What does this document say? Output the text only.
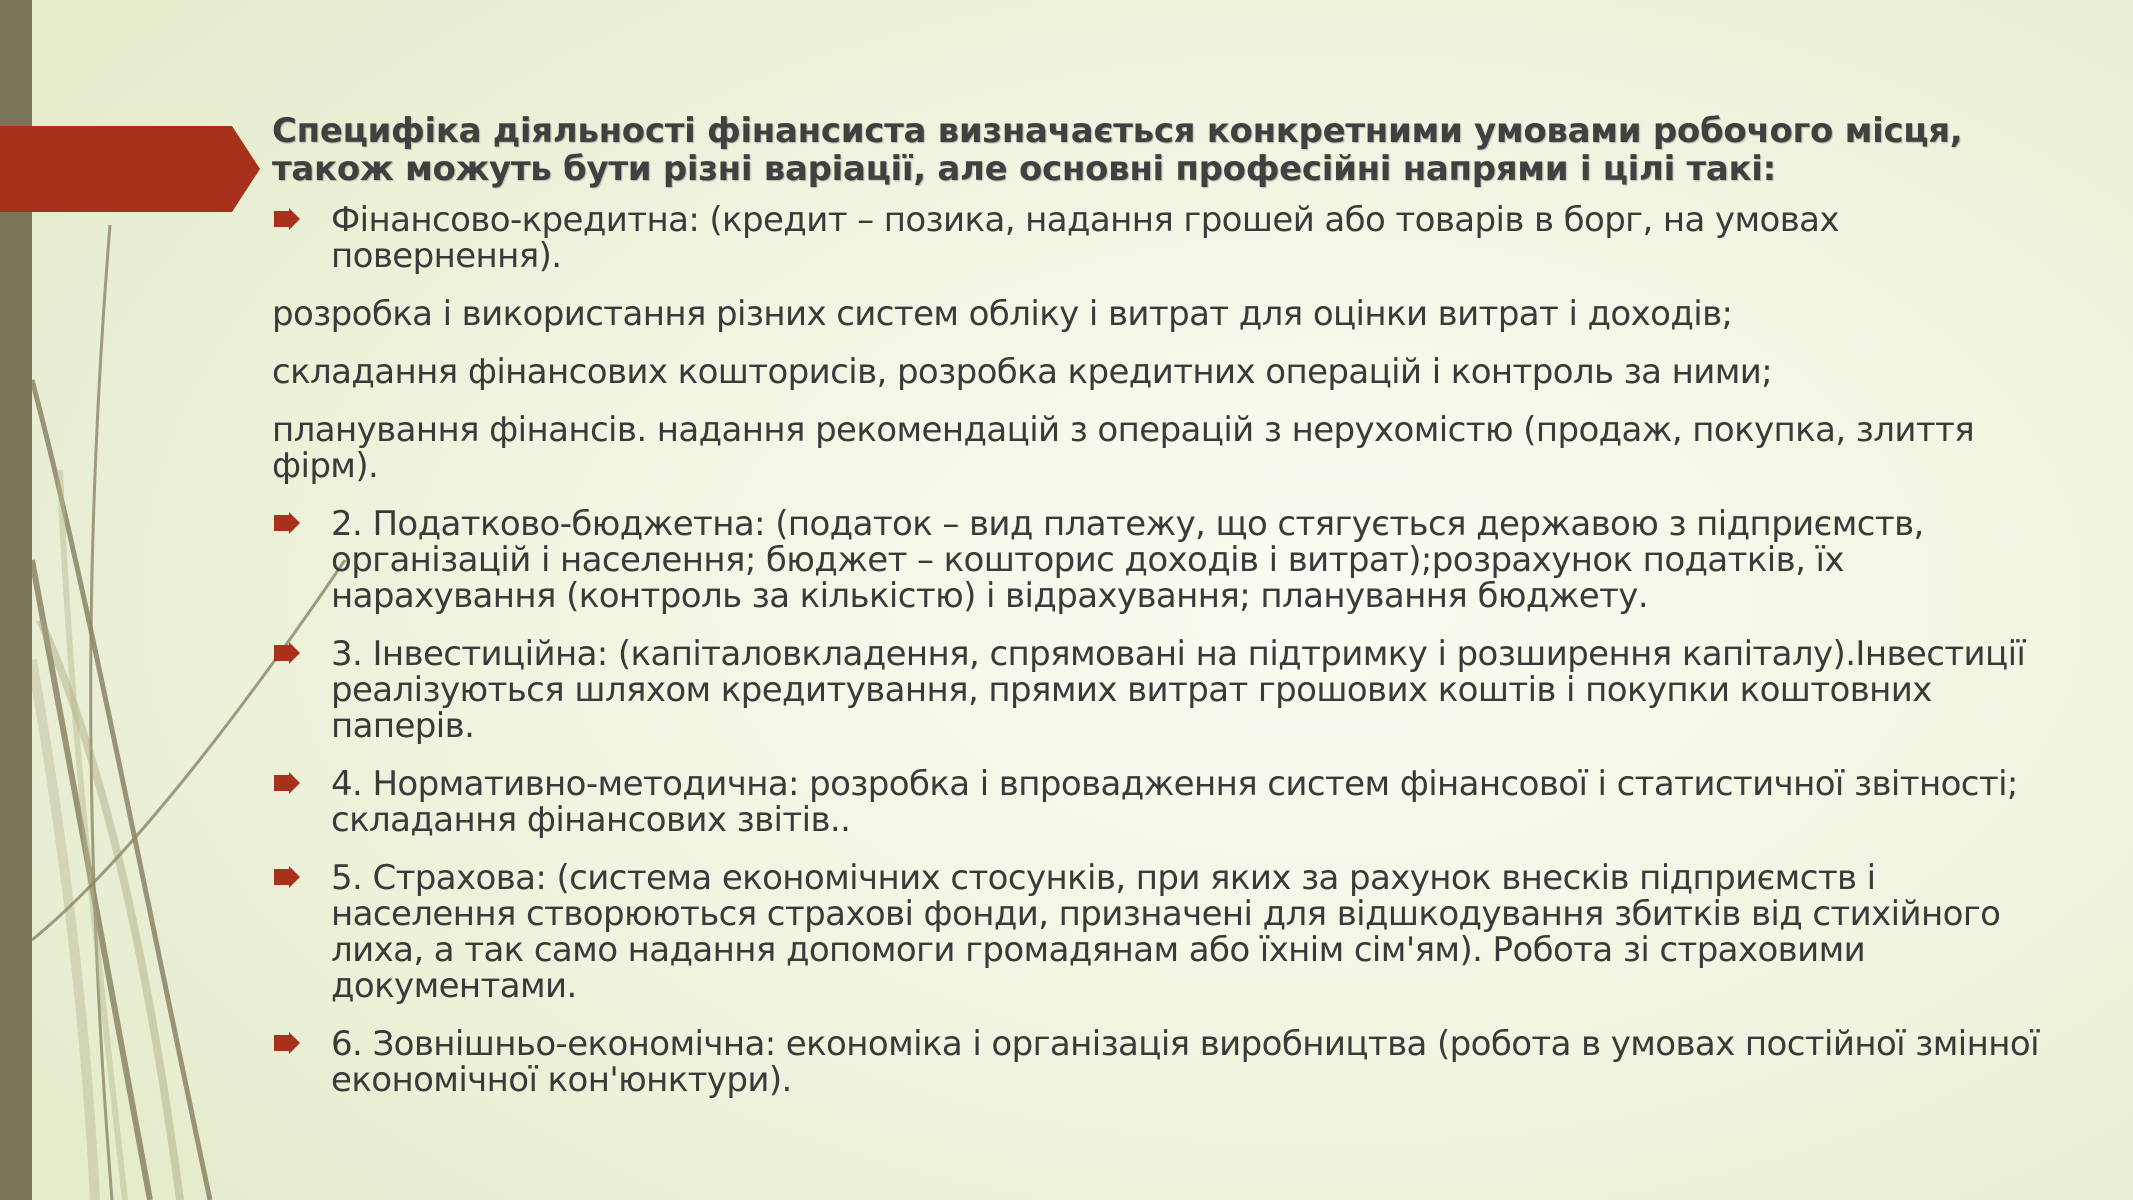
Специфіка діяльності фінансиста визначається конкретними умовами робочого місця, також можуть бути різні варіації, але основні професійні напрями і цілі такі:
Фінансово-кредитна: (кредит – позика, надання грошей або товарів в борг, на умовах повернення).
розробка і використання різних систем обліку і витрат для оцінки витрат і доходів;
складання фінансових кошторисів, розробка кредитних операцій і контроль за ними;
планування фінансів. надання рекомендацій з операцій з нерухомістю (продаж, покупка, злиття фірм).
2. Податково-бюджетна: (податок – вид платежу, що стягується державою з підприємств, організацій і населення; бюджет – кошторис доходів і витрат);розрахунок податків, їх нарахування (контроль за кількістю) і відрахування; планування бюджету.
3. Інвестиційна: (капіталовкладення, спрямовані на підтримку і розширення капіталу).Інвестиції реалізуються шляхом кредитування, прямих витрат грошових коштів і покупки коштовних паперів.
4. Нормативно-методична: розробка і впровадження систем фінансової і статистичної звітності; складання фінансових звітів..
5. Страхова: (система економічних стосунків, при яких за рахунок внесків підприємств і населення створюються страхові фонди, призначені для відшкодування збитків від стихійного лиха, а так само надання допомоги громадянам або їхнім сім'ям). Робота зі страховими документами.
6. Зовнішньо-економічна: економіка і організація виробництва (робота в умовах постійної змінної економічної кон'юнктури).
